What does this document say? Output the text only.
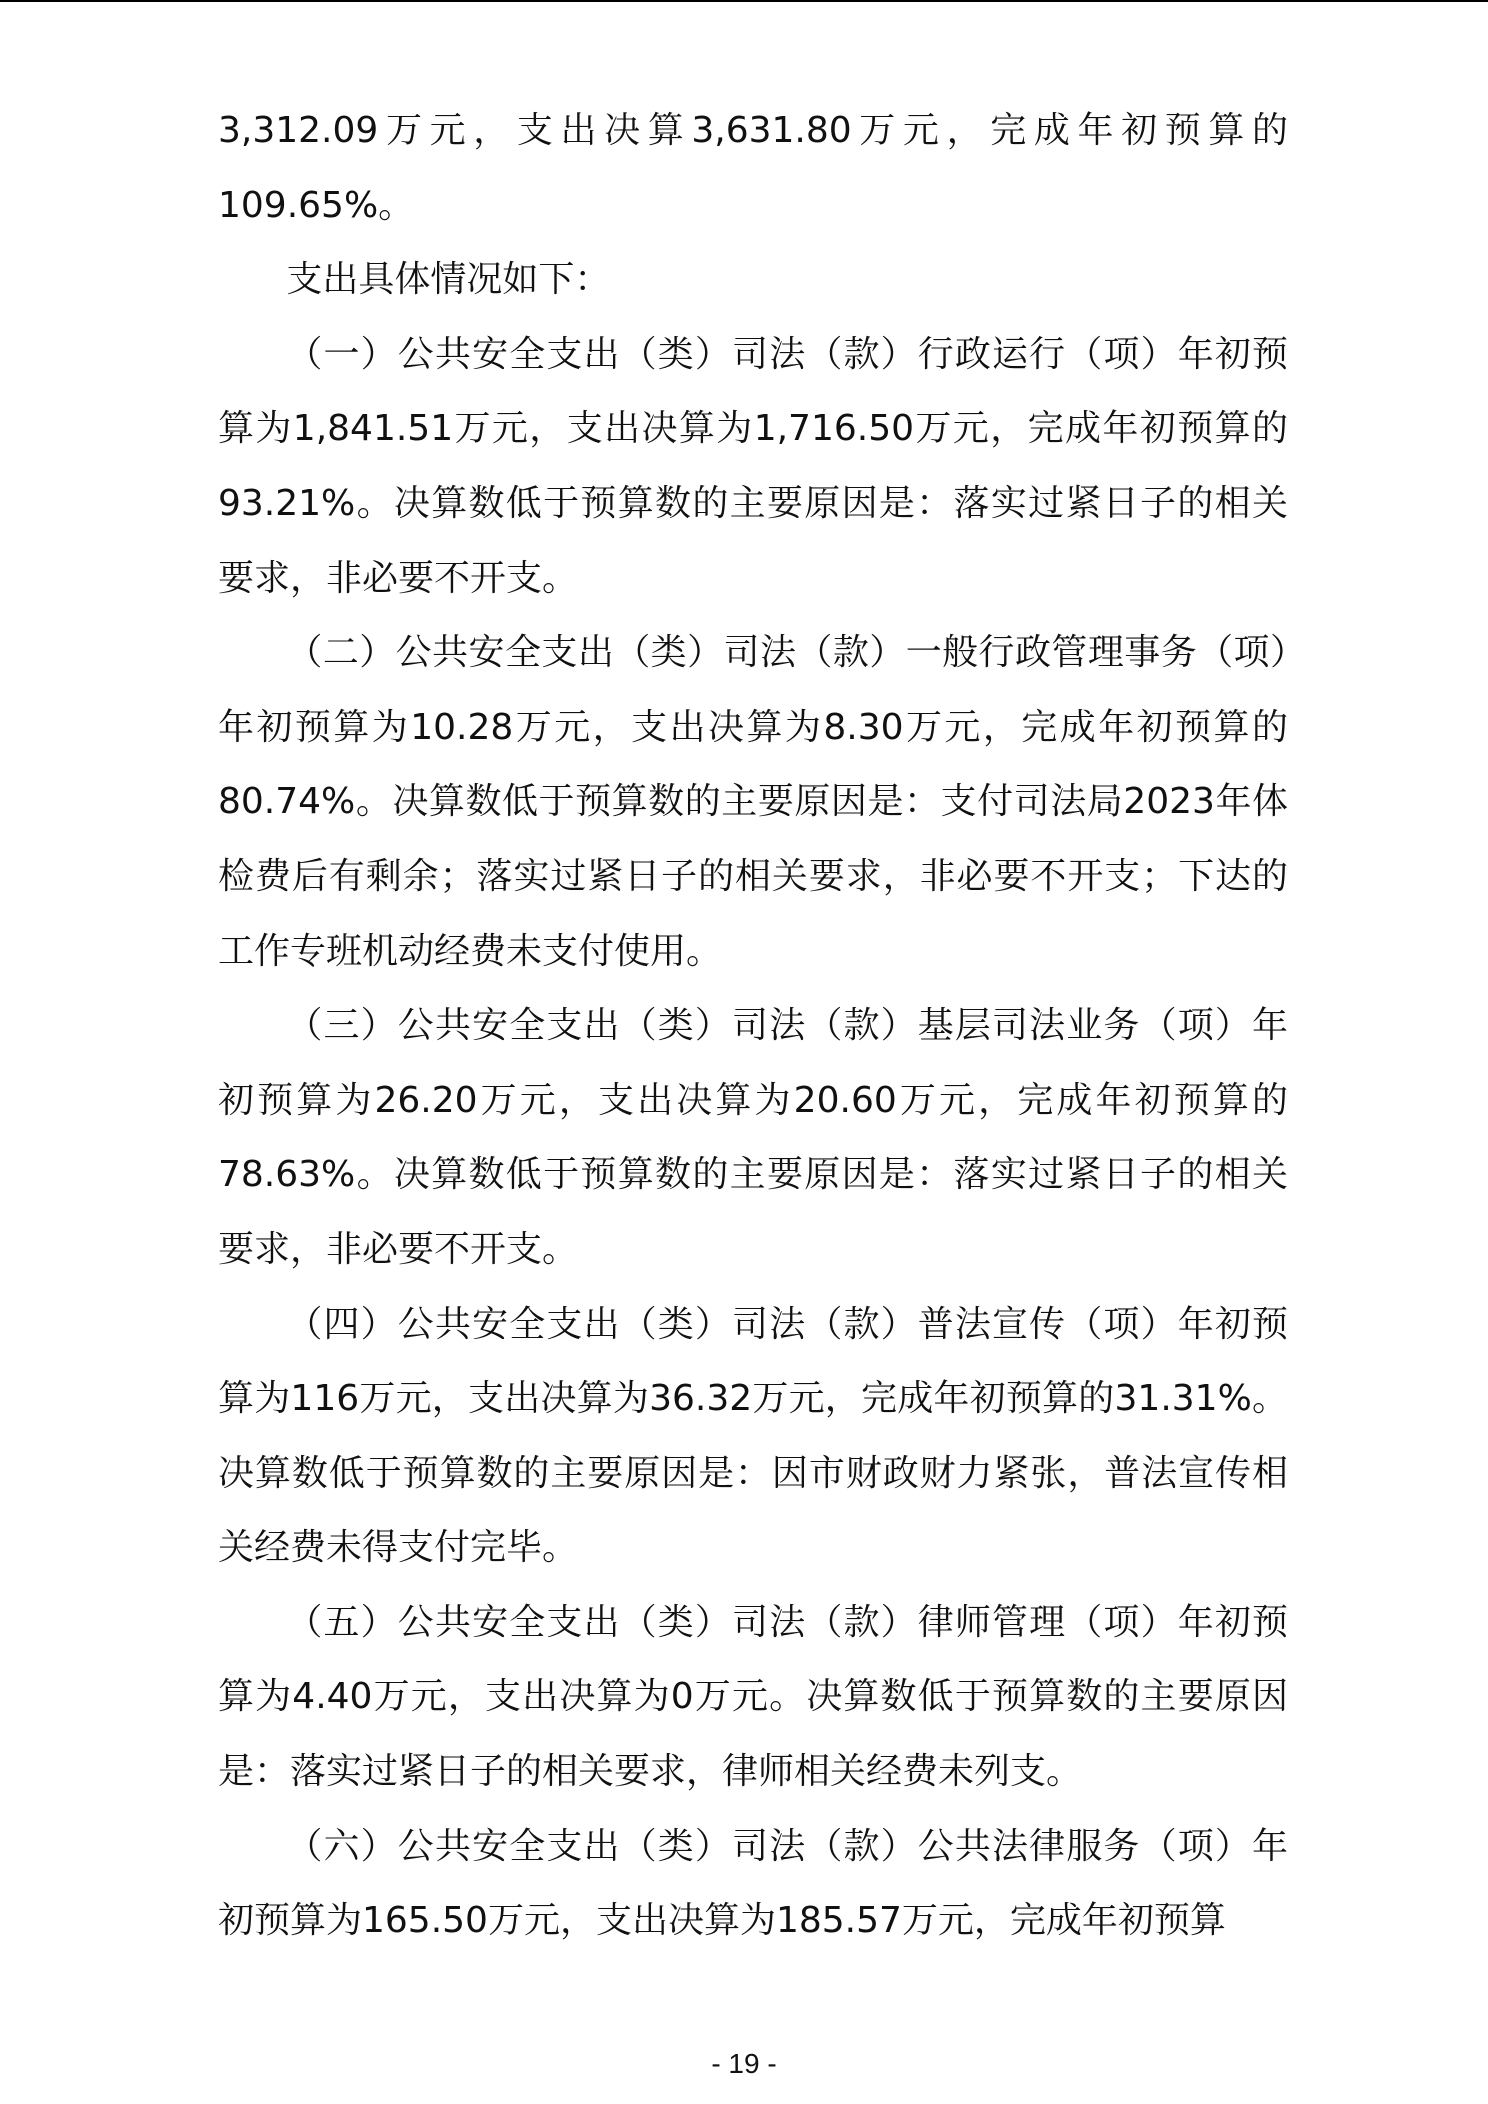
3,312.09万元，支出决算3,631.80万元，完成年初预算的109.65%。

支出具体情况如下：

（一）公共安全支出（类）司法（款）行政运行（项）年初预算为1,841.51万元，支出决算为1,716.50万元，完成年初预算的93.21%。决算数低于预算数的主要原因是：落实过紧日子的相关要求，非必要不开支。

（二）公共安全支出（类）司法（款）一般行政管理事务（项）年初预算为10.28万元，支出决算为8.30万元，完成年初预算的80.74%。决算数低于预算数的主要原因是：支付司法局2023年体检费后有剩余；落实过紧日子的相关要求，非必要不开支；下达的工作专班机动经费未支付使用。

（三）公共安全支出（类）司法（款）基层司法业务（项）年初预算为26.20万元，支出决算为20.60万元，完成年初预算的78.63%。决算数低于预算数的主要原因是：落实过紧日子的相关要求，非必要不开支。

（四）公共安全支出（类）司法（款）普法宣传（项）年初预算为116万元，支出决算为36.32万元，完成年初预算的31.31%。决算数低于预算数的主要原因是：因市财政财力紧张，普法宣传相关经费未得支付完毕。

（五）公共安全支出（类）司法（款）律师管理（项）年初预算为4.40万元，支出决算为0万元。决算数低于预算数的主要原因是：落实过紧日子的相关要求，律师相关经费未列支。

（六）公共安全支出（类）司法（款）公共法律服务（项）年初预算为165.50万元，支出决算为185.57万元，完成年初预算

- 19 -
